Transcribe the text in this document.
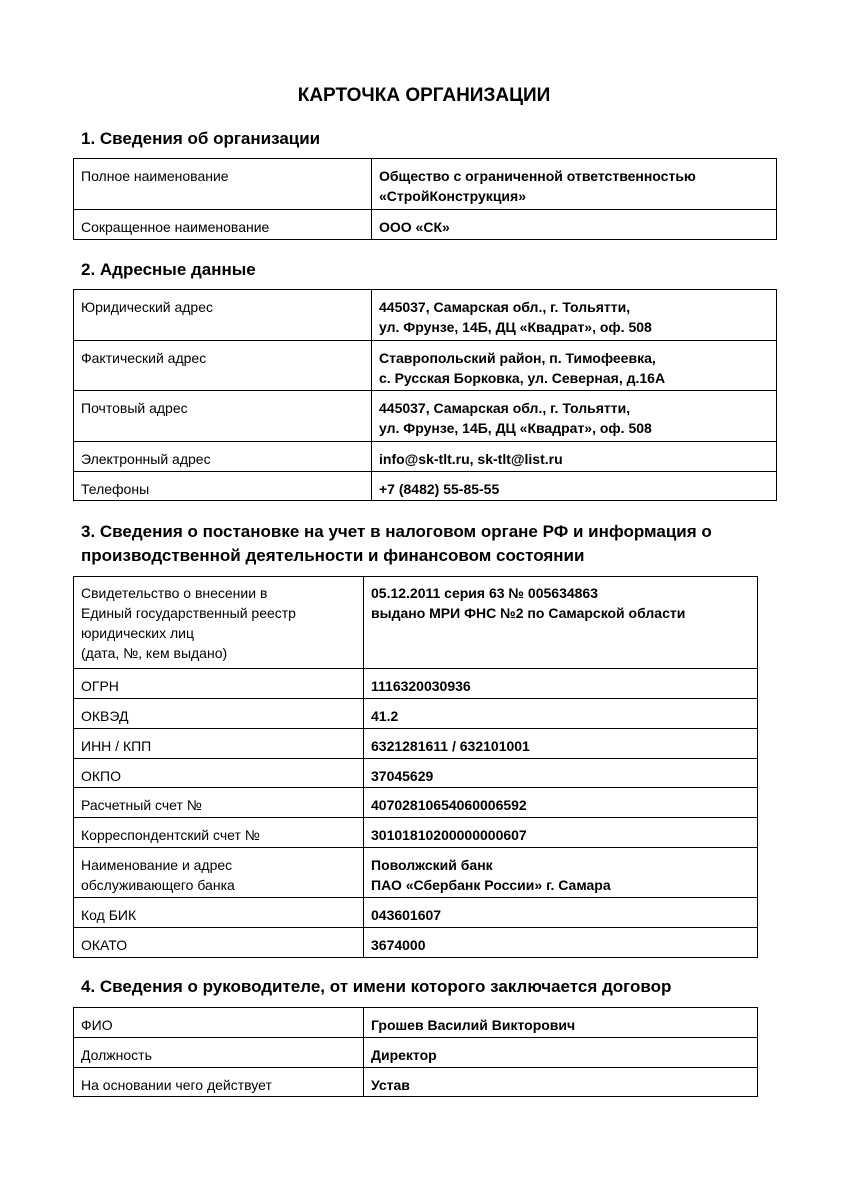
КАРТОЧКА ОРГАНИЗАЦИИ
1. Сведения об организации
Полное наименование	Общество с ограниченной ответственностью
«СтройКонструкция»

Сокращенное наименование	ООО «СК»
2. Адресные данные
Юридический адрес	445037, Самарская обл., г. Тольятти,
ул. Фрунзе, 14Б, ДЦ «Квадрат», оф. 508

Фактический адрес	Ставропольский район, п. Тимофеевка,
с. Русская Борковка, ул. Северная, д.16А

Почтовый адрес	445037, Самарская обл., г. Тольятти,
ул. Фрунзе, 14Б, ДЦ «Квадрат», оф. 508

Электронный адрес	info@sk-tlt.ru, sk-tlt@list.ru

Телефоны	+7 (8482) 55-85-55
3. Сведения о постановке на учет в налоговом органе РФ и информация о
производственной деятельности и финансовом состоянии
Свидетельство о внесении в
Единый государственный реестр
юридических лиц
(дата, №, кем выдано)	05.12.2011 серия 63 № 005634863
выдано МРИ ФНС №2 по Самарской области

ОГРН	1116320030936

ОКВЭД	41.2

ИНН / КПП	6321281611 / 632101001

ОКПО	37045629

Расчетный счет №	40702810654060006592

Корреспондентский счет №	30101810200000000607

Наименование и адрес
обслуживающего банка	Поволжский банк
ПАО «Сбербанк России» г. Самара

Код БИК	043601607

ОКАТО	3674000
4. Сведения о руководителе, от имени которого заключается договор
ФИО	Грошев Василий Викторович

Должность	Директор

На основании чего действует	Устав
